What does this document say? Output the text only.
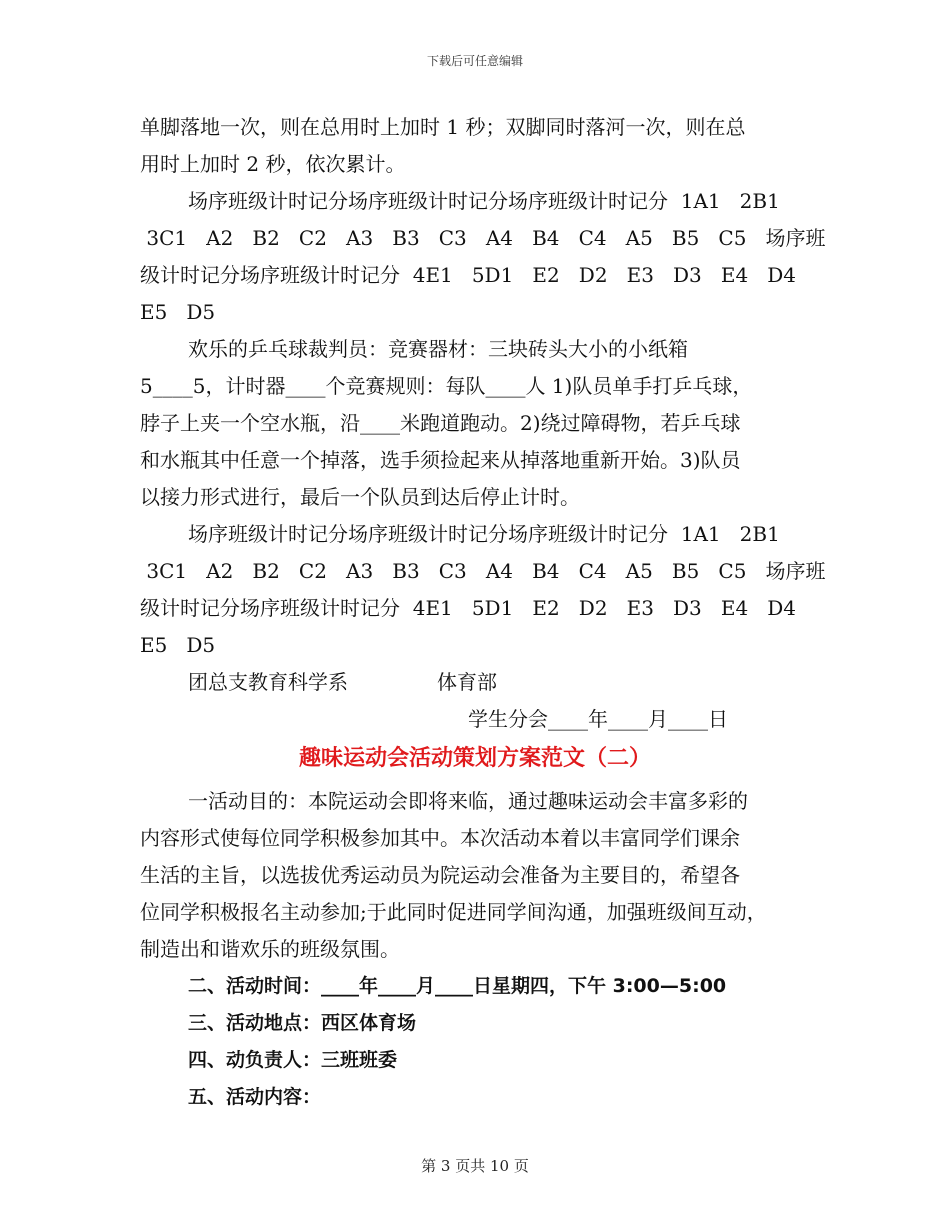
下载后可任意编辑
单脚落地一次，则在总用时上加时 1 秒；双脚同时落河一次，则在总
用时上加时 2 秒，依次累计。
场序班级计时记分场序班级计时记分场序班级计时记分  1A1   2B1
3C1   A2   B2   C2   A3   B3   C3   A4   B4   C4   A5   B5   C5   场序班
级计时记分场序班级计时记分  4E1   5D1   E2   D2   E3   D3   E4   D4
E5   D5
欢乐的乒乓球裁判员：竞赛器材：三块砖头大小的小纸箱
5____5，计时器____个竞赛规则：每队____人 1)队员单手打乒乓球，
脖子上夹一个空水瓶，沿____米跑道跑动。2)绕过障碍物，若乒乓球
和水瓶其中任意一个掉落，选手须捡起来从掉落地重新开始。3)队员
以接力形式进行，最后一个队员到达后停止计时。
场序班级计时记分场序班级计时记分场序班级计时记分  1A1   2B1
3C1   A2   B2   C2   A3   B3   C3   A4   B4   C4   A5   B5   C5   场序班
级计时记分场序班级计时记分  4E1   5D1   E2   D2   E3   D3   E4   D4
E5   D5
团总支教育科学系              体育部
学生分会____年____月____日
趣味运动会活动策划方案范文（二）
一活动目的：本院运动会即将来临，通过趣味运动会丰富多彩的
内容形式使每位同学积极参加其中。本次活动本着以丰富同学们课余
生活的主旨，以选拔优秀运动员为院运动会准备为主要目的，希望各
位同学积极报名主动参加;于此同时促进同学间沟通，加强班级间互动，
制造出和谐欢乐的班级氛围。
二、活动时间：____年____月____日星期四，下午 3:00—5:00
三、活动地点：西区体育场
四、动负责人：三班班委
五、活动内容：
第 3 页共 10 页
